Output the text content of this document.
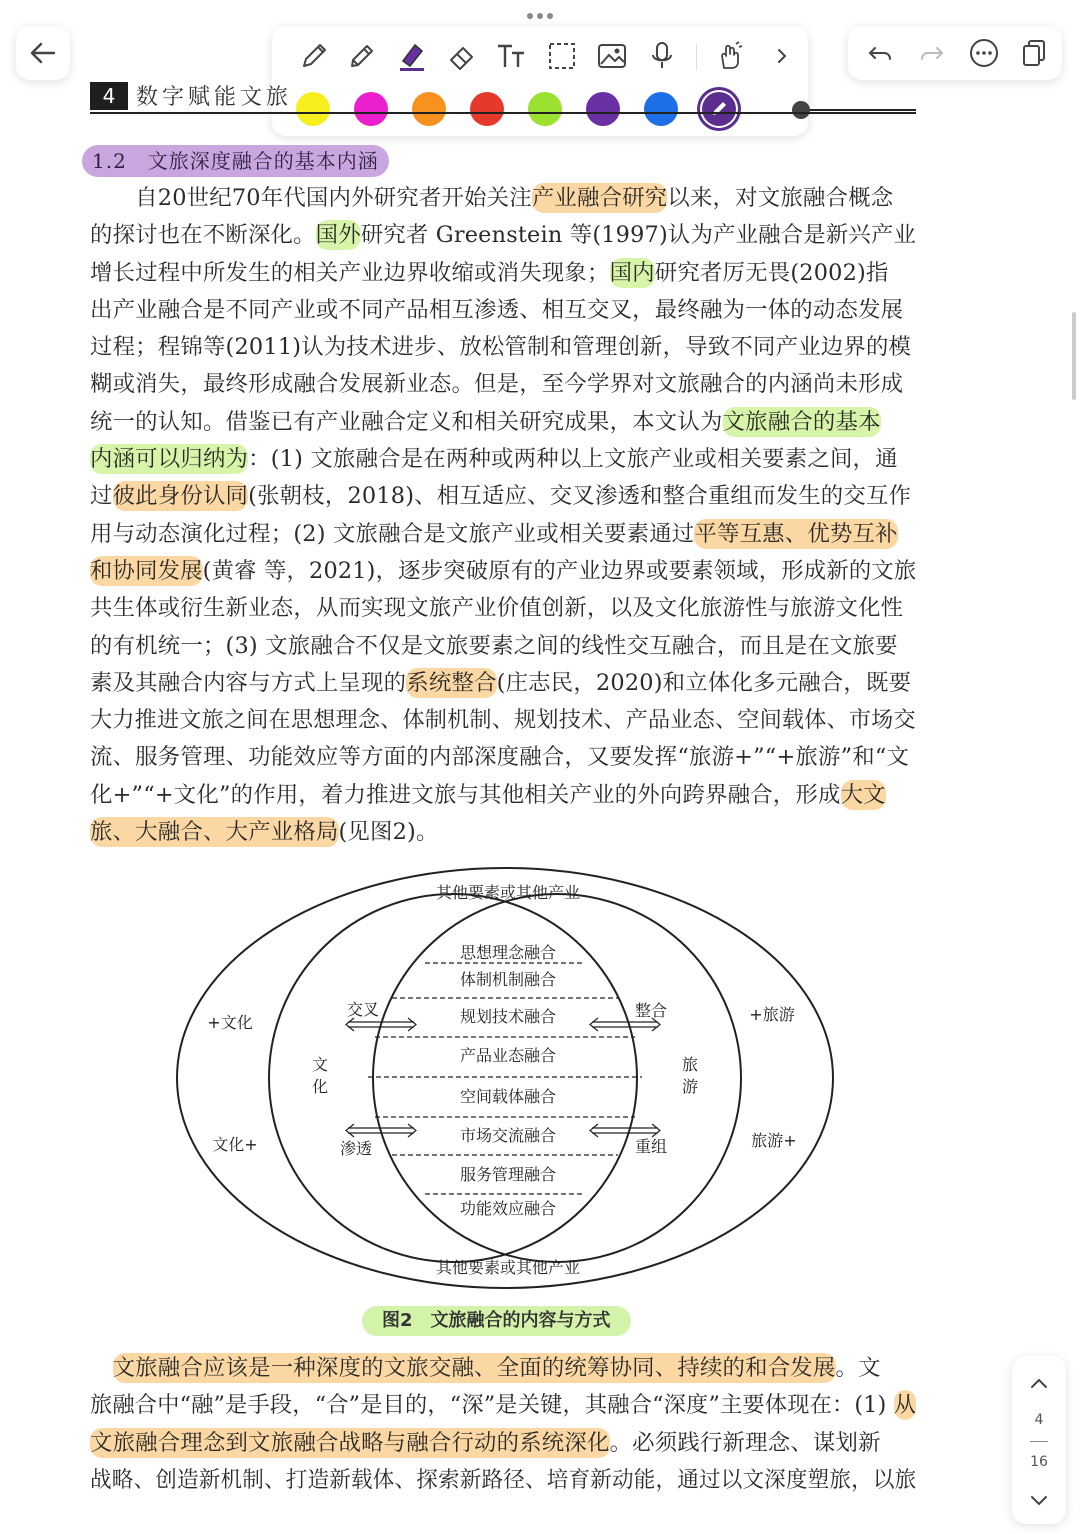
4 数字赋能文旅
1.2　文旅深度融合的基本内涵
　　自20世纪70年代国内外研究者开始关注产业融合研究以来，对文旅融合概念
的探讨也在不断深化。国外研究者 Greenstein 等(1997)认为产业融合是新兴产业
增长过程中所发生的相关产业边界收缩或消失现象；国内研究者厉无畏(2002)指
出产业融合是不同产业或不同产品相互渗透、相互交叉，最终融为一体的动态发展
过程；程锦等(2011)认为技术进步、放松管制和管理创新，导致不同产业边界的模
糊或消失，最终形成融合发展新业态。但是，至今学界对文旅融合的内涵尚未形成
统一的认知。借鉴已有产业融合定义和相关研究成果，本文认为文旅融合的基本
内涵可以归纳为：(1) 文旅融合是在两种或两种以上文旅产业或相关要素之间，通
过彼此身份认同(张朝枝，2018)、相互适应、交叉渗透和整合重组而发生的交互作
用与动态演化过程；(2) 文旅融合是文旅产业或相关要素通过平等互惠、优势互补
和协同发展(黄睿 等，2021)，逐步突破原有的产业边界或要素领域，形成新的文旅
共生体或衍生新业态，从而实现文旅产业价值创新，以及文化旅游性与旅游文化性
的有机统一；(3) 文旅融合不仅是文旅要素之间的线性交互融合，而且是在文旅要
素及其融合内容与方式上呈现的系统整合(庄志民，2020)和立体化多元融合，既要
大力推进文旅之间在思想理念、体制机制、规划技术、产品业态、空间载体、市场交
流、服务管理、功能效应等方面的内部深度融合，又要发挥“旅游+”“+旅游”和“文
化+”“+文化”的作用，着力推进文旅与其他相关产业的外向跨界融合，形成大文
旅、大融合、大产业格局(见图2)。
其他要素或其他产业
其他要素或其他产业
+文化
文化+
+旅游
旅游+
交叉
渗透
整合
重组
思想理念融合
体制机制融合
规划技术融合
产品业态融合
空间载体融合
市场交流融合
服务管理融合
功能效应融合
文化
旅游
图2　文旅融合的内容与方式
　文旅融合应该是一种深度的文旅交融、全面的统筹协同、持续的和合发展。文
旅融合中“融”是手段，“合”是目的，“深”是关键，其融合“深度”主要体现在：(1) 从
文旅融合理念到文旅融合战略与融合行动的系统深化。必须践行新理念、谋划新
战略、创造新机制、打造新载体、探索新路径、培育新动能，通过以文深度塑旅，以旅
4
16
